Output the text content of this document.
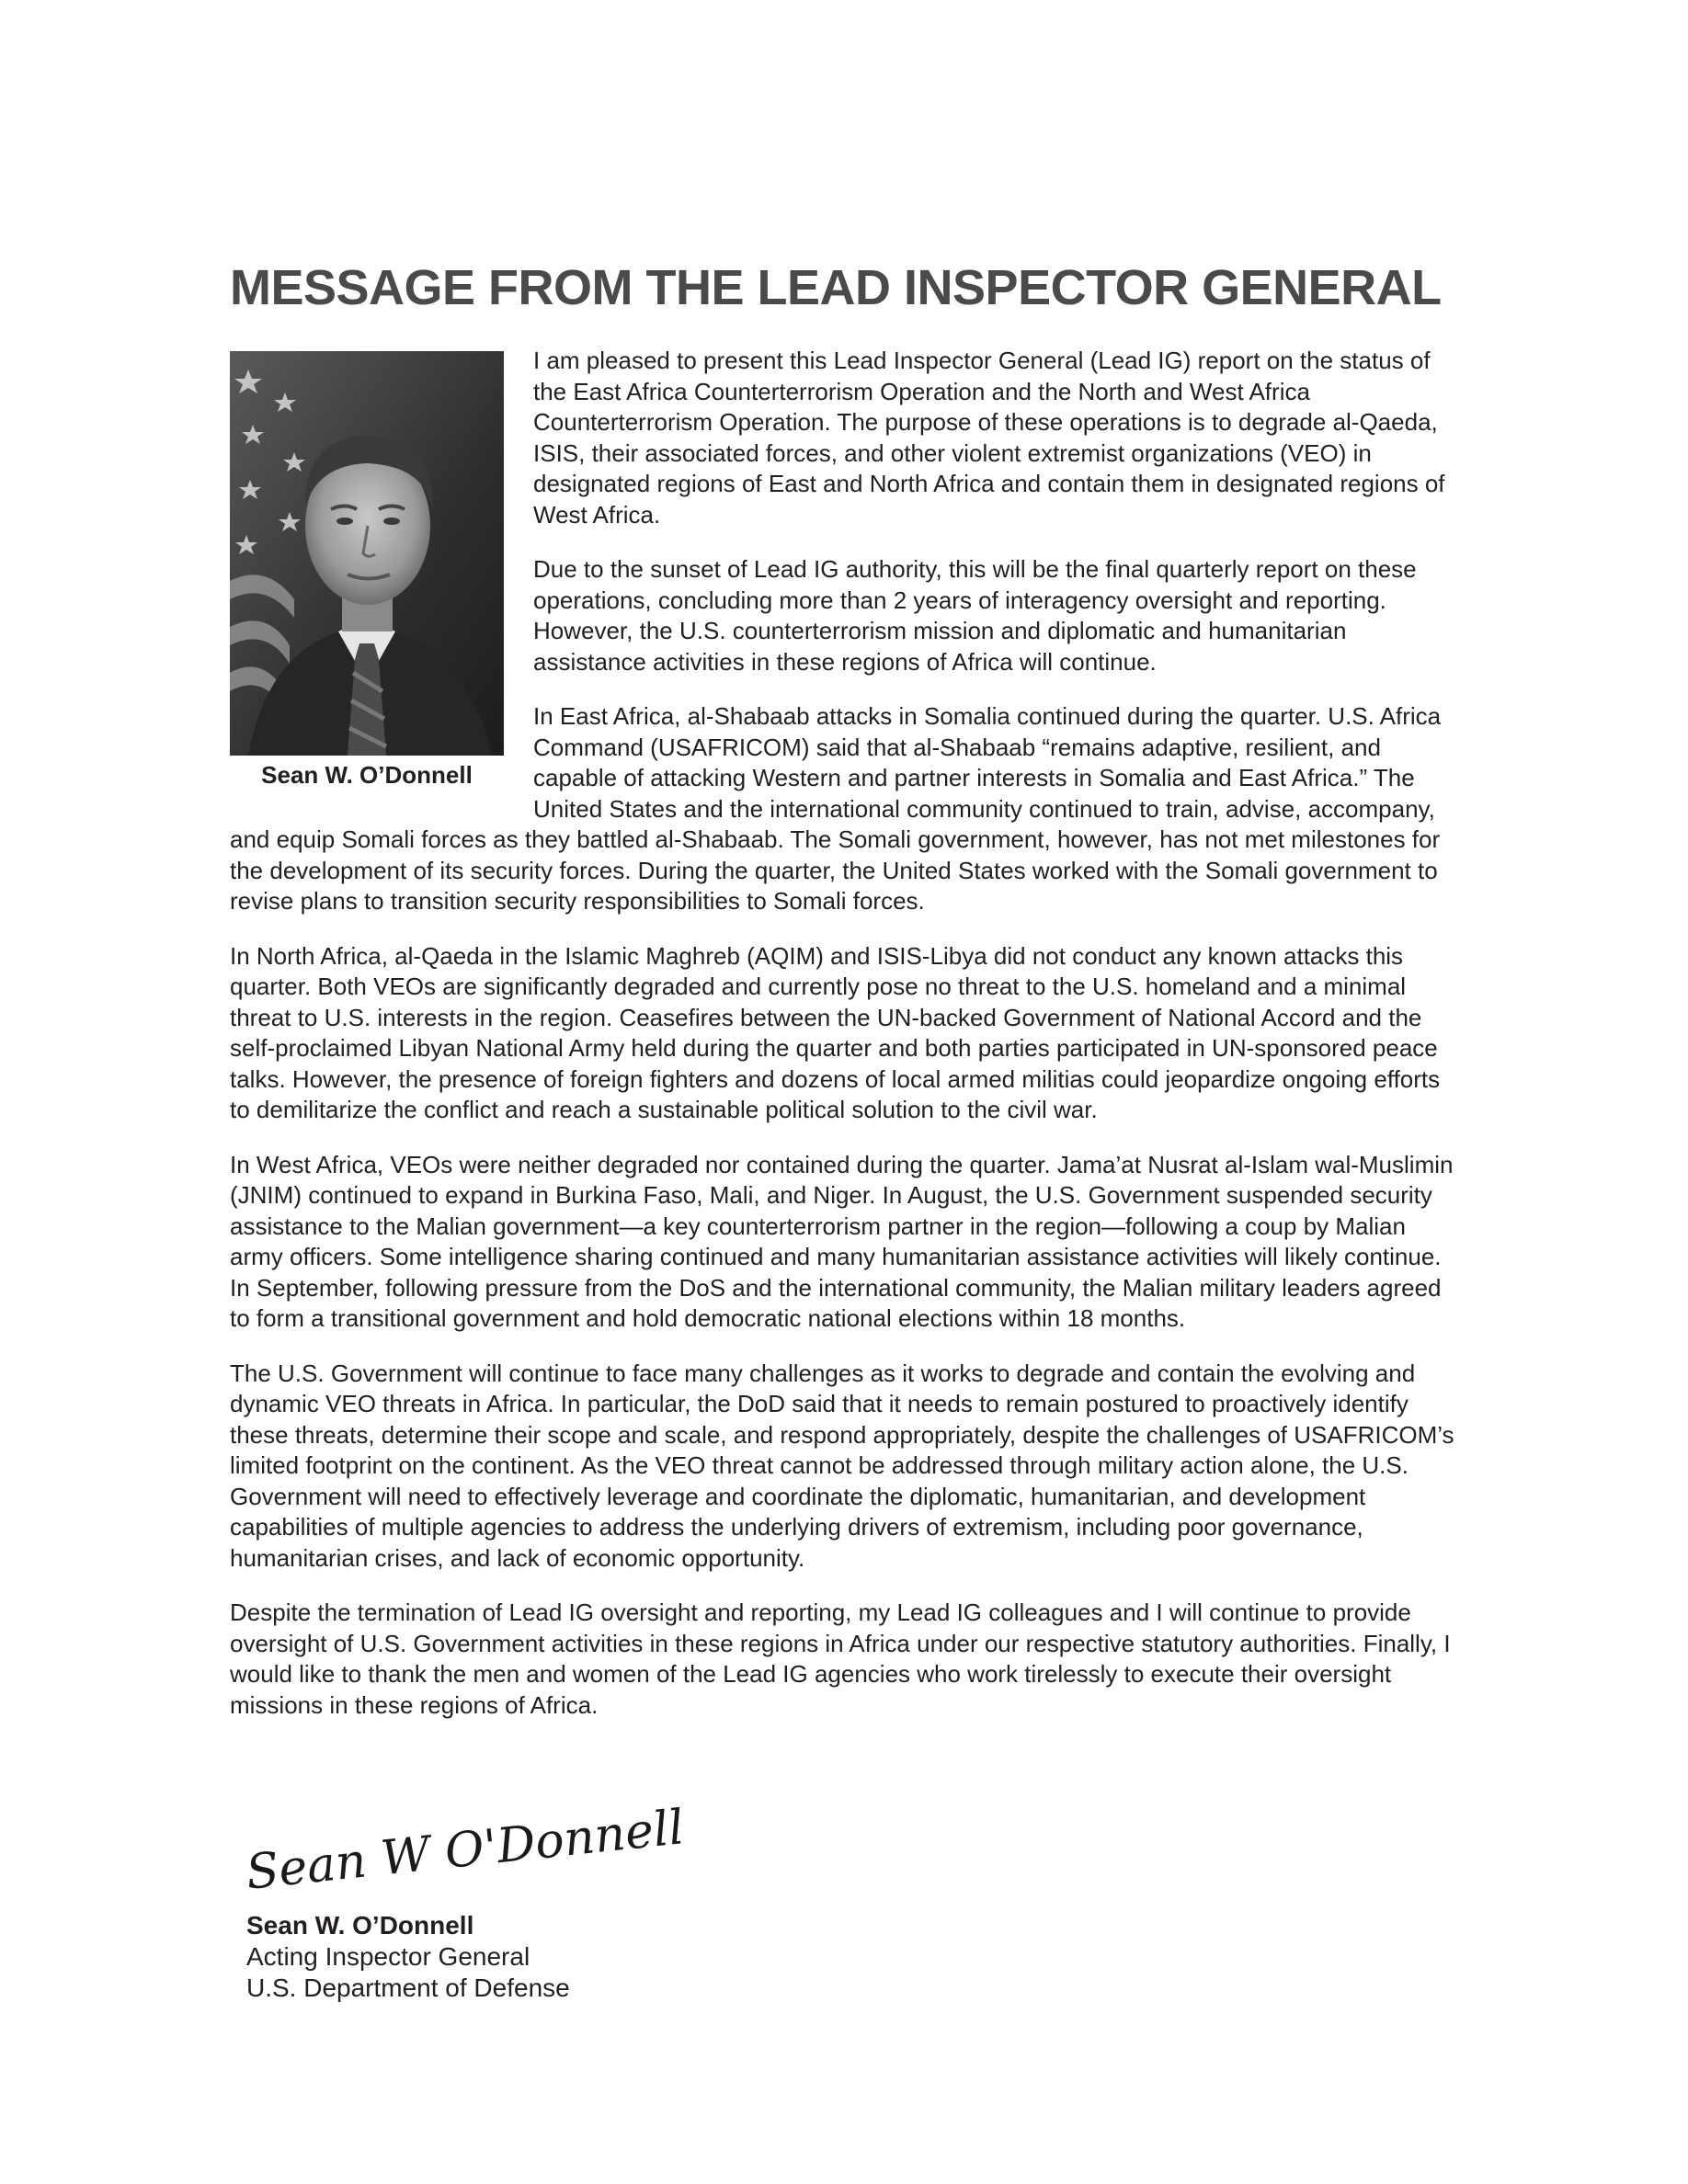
MESSAGE FROM THE LEAD INSPECTOR GENERAL

I am pleased to present this Lead Inspector General (Lead IG) report on the status of the East Africa Counterterrorism Operation and the North and West Africa Counterterrorism Operation. The purpose of these operations is to degrade al-Qaeda, ISIS, their associated forces, and other violent extremist organizations (VEO) in designated regions of East and North Africa and contain them in designated regions of West Africa.

Due to the sunset of Lead IG authority, this will be the final quarterly report on these operations, concluding more than 2 years of interagency oversight and reporting. However, the U.S. counterterrorism mission and diplomatic and humanitarian assistance activities in these regions of Africa will continue.

In East Africa, al-Shabaab attacks in Somalia continued during the quarter. U.S. Africa Command (USAFRICOM) said that al-Shabaab “remains adaptive, resilient, and capable of attacking Western and partner interests in Somalia and East Africa.” The United States and the international community continued to train, advise, accompany, and equip Somali forces as they battled al-Shabaab. The Somali government, however, has not met milestones for the development of its security forces. During the quarter, the United States worked with the Somali government to revise plans to transition security responsibilities to Somali forces.

In North Africa, al-Qaeda in the Islamic Maghreb (AQIM) and ISIS-Libya did not conduct any known attacks this quarter. Both VEOs are significantly degraded and currently pose no threat to the U.S. homeland and a minimal threat to U.S. interests in the region. Ceasefires between the UN-backed Government of National Accord and the self-proclaimed Libyan National Army held during the quarter and both parties participated in UN-sponsored peace talks. However, the presence of foreign fighters and dozens of local armed militias could jeopardize ongoing efforts to demilitarize the conflict and reach a sustainable political solution to the civil war.

In West Africa, VEOs were neither degraded nor contained during the quarter. Jama’at Nusrat al-Islam wal-Muslimin (JNIM) continued to expand in Burkina Faso, Mali, and Niger. In August, the U.S. Government suspended security assistance to the Malian government—a key counterterrorism partner in the region—following a coup by Malian army officers. Some intelligence sharing continued and many humanitarian assistance activities will likely continue. In September, following pressure from the DoS and the international community, the Malian military leaders agreed to form a transitional government and hold democratic national elections within 18 months.

The U.S. Government will continue to face many challenges as it works to degrade and contain the evolving and dynamic VEO threats in Africa. In particular, the DoD said that it needs to remain postured to proactively identify these threats, determine their scope and scale, and respond appropriately, despite the challenges of USAFRICOM’s limited footprint on the continent. As the VEO threat cannot be addressed through military action alone, the U.S. Government will need to effectively leverage and coordinate the diplomatic, humanitarian, and development capabilities of multiple agencies to address the underlying drivers of extremism, including poor governance, humanitarian crises, and lack of economic opportunity.

Despite the termination of Lead IG oversight and reporting, my Lead IG colleagues and I will continue to provide oversight of U.S. Government activities in these regions in Africa under our respective statutory authorities. Finally, I would like to thank the men and women of the Lead IG agencies who work tirelessly to execute their oversight missions in these regions of Africa.

Sean W. O’Donnell
Sean W O'Donnell
Sean W. O’Donnell
Acting Inspector General
U.S. Department of Defense
